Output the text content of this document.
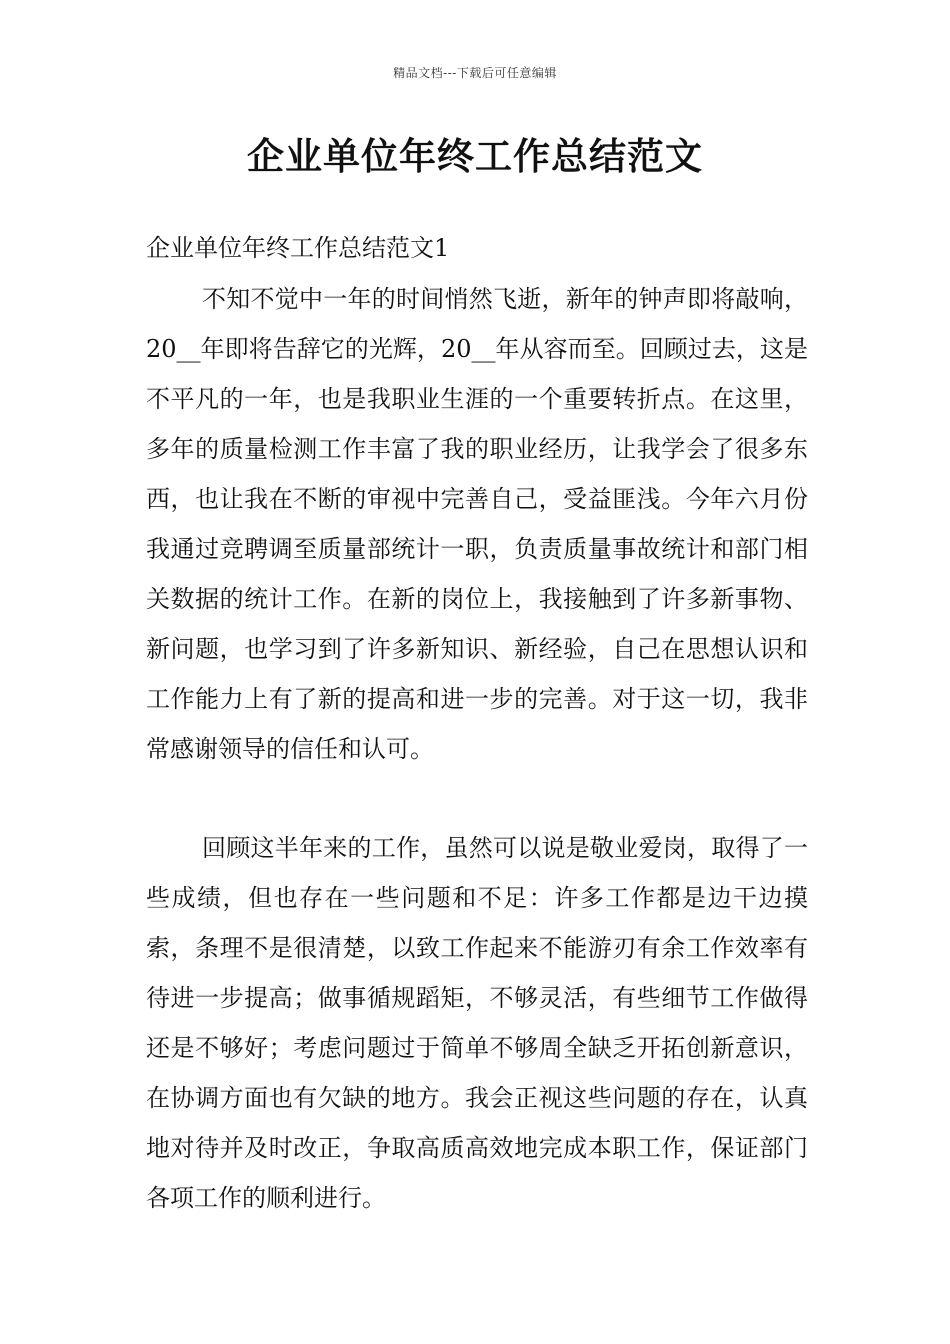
精品文档---下载后可任意编辑
企业单位年终工作总结范文
企业单位年终工作总结范文1

不知不觉中一年的时间悄然飞逝，新年的钟声即将敲响，20__年即将告辞它的光辉，20__年从容而至。回顾过去，这是不平凡的一年，也是我职业生涯的一个重要转折点。在这里，多年的质量检测工作丰富了我的职业经历，让我学会了很多东西，也让我在不断的审视中完善自己，受益匪浅。今年六月份我通过竞聘调至质量部统计一职，负责质量事故统计和部门相关数据的统计工作。在新的岗位上，我接触到了许多新事物、新问题，也学习到了许多新知识、新经验，自己在思想认识和工作能力上有了新的提高和进一步的完善。对于这一切，我非常感谢领导的信任和认可。

回顾这半年来的工作，虽然可以说是敬业爱岗，取得了一些成绩，但也存在一些问题和不足：许多工作都是边干边摸索，条理不是很清楚，以致工作起来不能游刃有余工作效率有待进一步提高；做事循规蹈矩，不够灵活，有些细节工作做得还是不够好；考虑问题过于简单不够周全缺乏开拓创新意识，在协调方面也有欠缺的地方。我会正视这些问题的存在，认真地对待并及时改正，争取高质高效地完成本职工作，保证部门各项工作的顺利进行。
